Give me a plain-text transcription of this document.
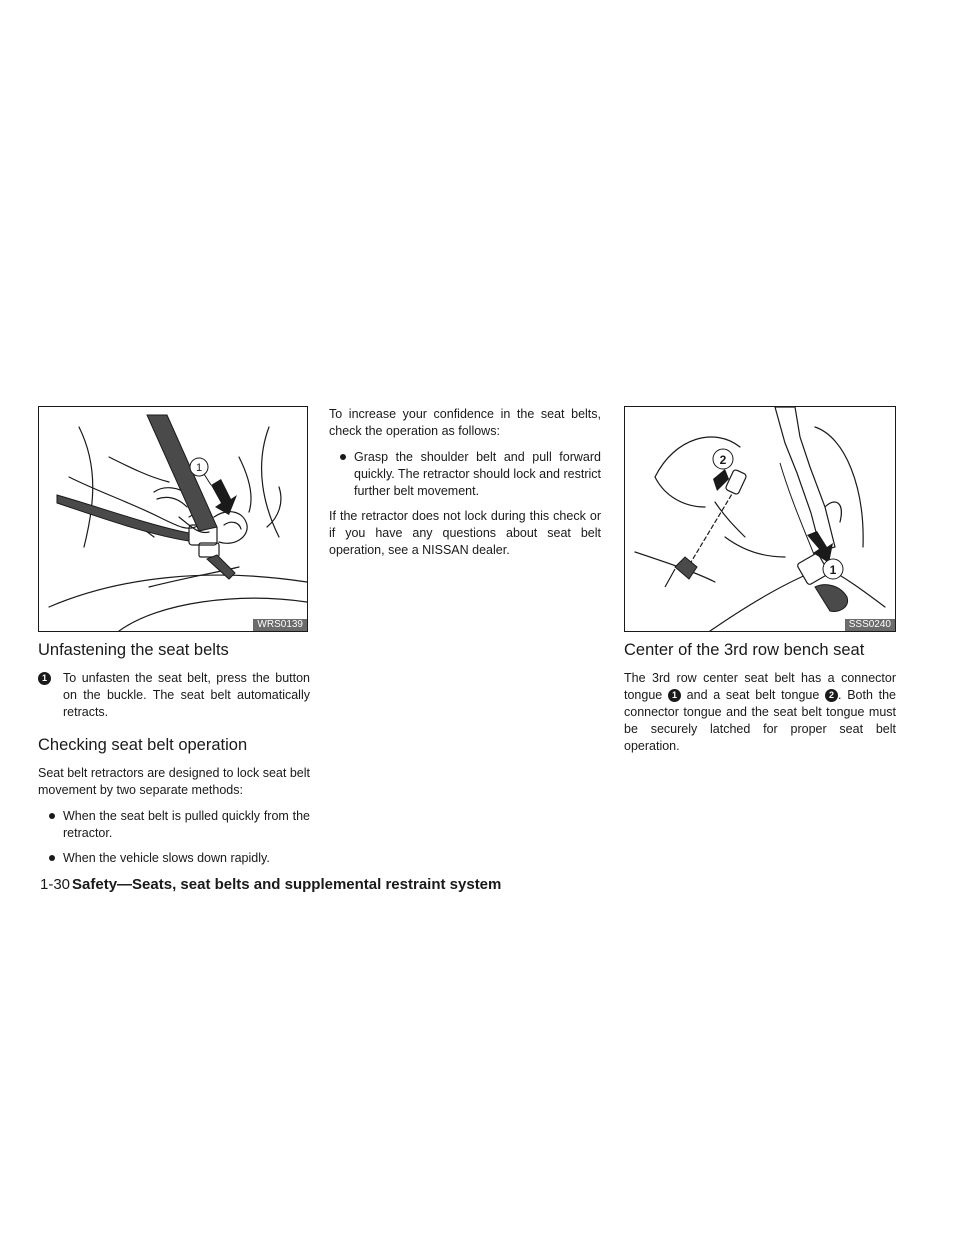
1
WRS0139
2
1
SSS0240
Unfastening the seat belts
1	To unfasten the seat belt, press the button on the buckle. The seat belt automatically retracts.
Checking seat belt operation

Seat belt retractors are designed to lock seat belt movement by two separate methods:

When the seat belt is pulled quickly from the retractor.
When the vehicle slows down rapidly.

To increase your confidence in the seat belts, check the operation as follows:

Grasp the shoulder belt and pull forward quickly. The retractor should lock and restrict further belt movement.

If the retractor does not lock during this check or if you have any questions about seat belt operation, see a NISSAN dealer.

Center of the 3rd row bench seat

The 3rd row center seat belt has a connector tongue 1 and a seat belt tongue 2 . Both the connector tongue and the seat belt tongue must be securely latched for proper seat belt operation.

1-30 Safety—Seats, seat belts and supplemental restraint system
